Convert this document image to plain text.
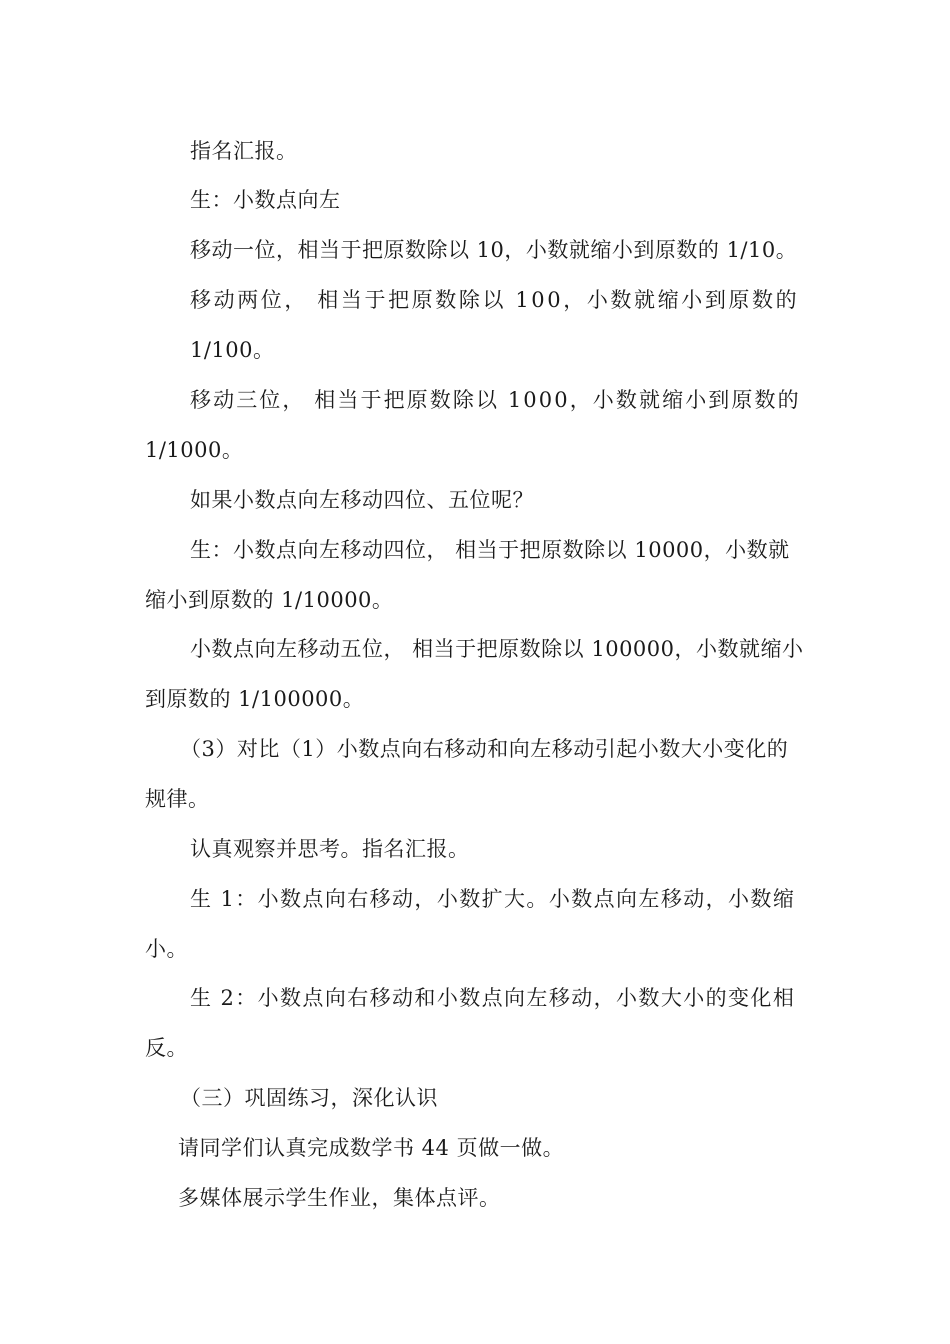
指名汇报。
生：小数点向左
移动一位，相当于把原数除以 10，小数就缩小到原数的 1/10。
移动两位， 相当于把原数除以 100，小数就缩小到原数的
1/100。
移动三位， 相当于把原数除以 1000，小数就缩小到原数的
1/1000。
如果小数点向左移动四位、五位呢？
生：小数点向左移动四位， 相当于把原数除以 10000，小数就
缩小到原数的 1/10000。
小数点向左移动五位， 相当于把原数除以 100000，小数就缩小
到原数的 1/100000。
（3）对比（1）小数点向右移动和向左移动引起小数大小变化的
规律。
认真观察并思考。指名汇报。
生 1：小数点向右移动，小数扩大。小数点向左移动，小数缩
小。
生 2：小数点向右移动和小数点向左移动，小数大小的变化相
反。
（三）巩固练习，深化认识
请同学们认真完成数学书 44 页做一做。
多媒体展示学生作业，集体点评。
